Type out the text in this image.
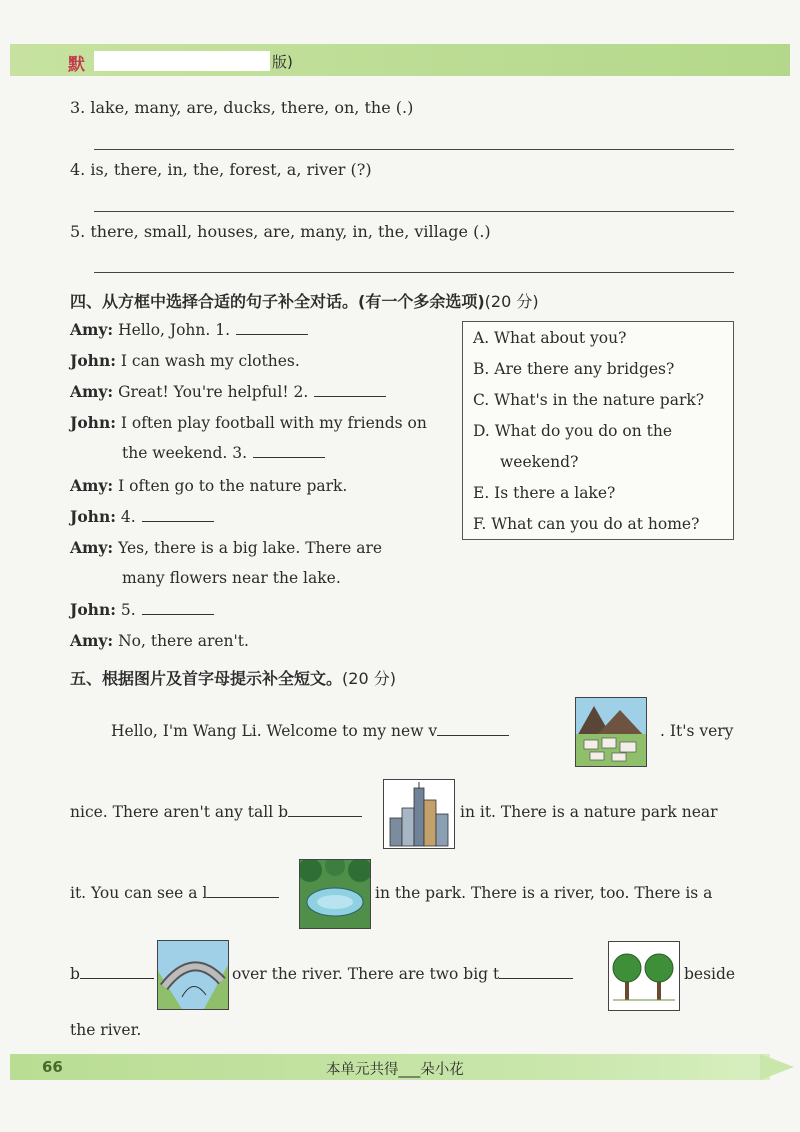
默	版)
3. lake, many, are, ducks, there, on, the (.)
4. is, there, in, the, forest, a, river (?)
5. there, small, houses, are, many, in, the, village (.)
四、从方框中选择合适的句子补全对话。(有一个多余选项)(20 分)
Amy: Hello, John. 1.
John: I can wash my clothes.
Amy: Great! You're helpful! 2.
John: I often play football with my friends on
the weekend. 3.
Amy: I often go to the nature park.
John: 4.
Amy: Yes, there is a big lake. There are
many flowers near the lake.
John: 5.
Amy: No, there aren't.
A. What about you?
B. Are there any bridges?
C. What's in the nature park?
D. What do you do on the
weekend?
E. Is there a lake?
F. What can you do at home?
五、根据图片及首字母提示补全短文。(20 分)
Hello, I'm Wang Li. Welcome to my new v	. It's very
nice. There aren't any tall b	in it. There is a nature park near
it. You can see a l	in the park. There is a river, too. There is a
b	over the river. There are two big t	beside
the river.
66	本单元共得___朵小花
